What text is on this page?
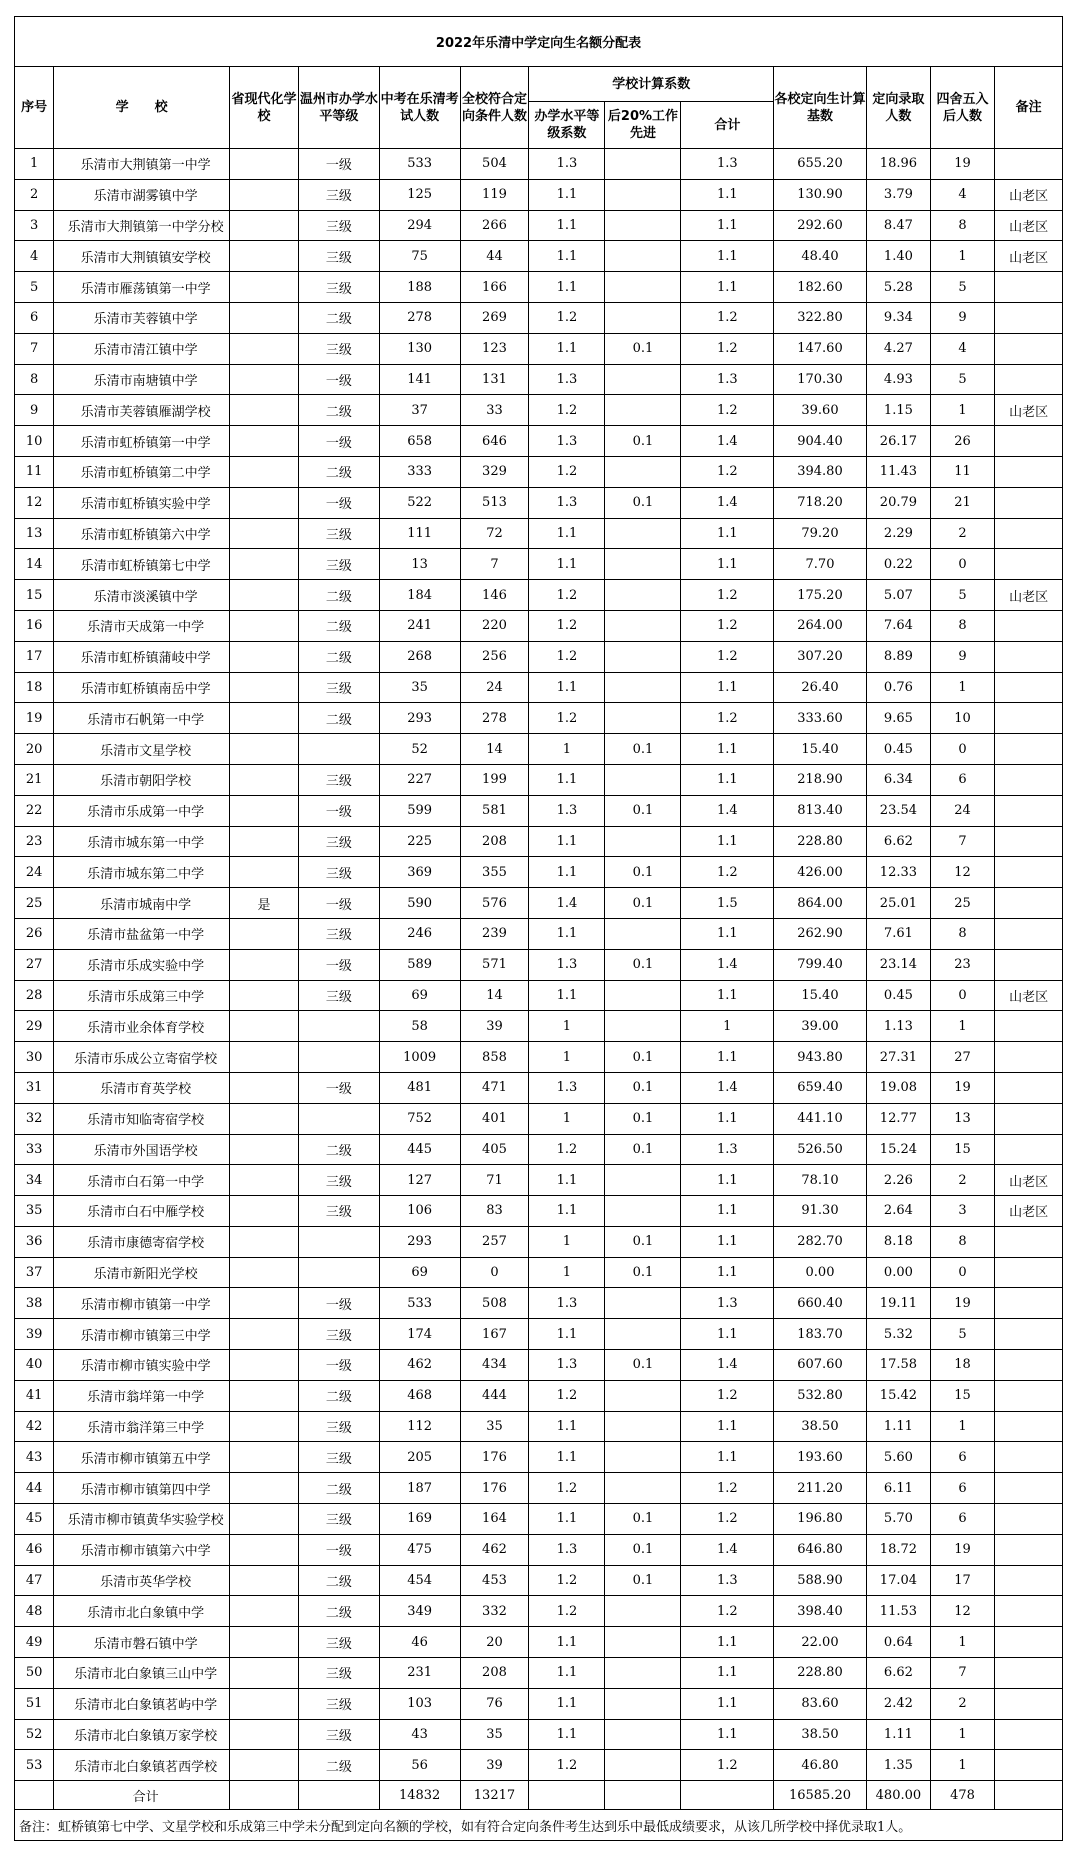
2022年乐清中学定向生名额分配表												
序号	学　　校	省现代化学校	温州市办学水平等级	中考在乐清考试人数	全校符合定向条件人数	学校计算系数			各校定向生计算基数	定向录取人数	四舍五入后人数	备注
						办学水平等级系数	后20%工作先进	合计				
1	乐清市大荆镇第一中学		一级	533	504	1.3		1.3	655.20	18.96	19	
2	乐清市湖雾镇中学		三级	125	119	1.1		1.1	130.90	3.79	4	山老区
3	乐清市大荆镇第一中学分校		三级	294	266	1.1		1.1	292.60	8.47	8	山老区
4	乐清市大荆镇镇安学校		三级	75	44	1.1		1.1	48.40	1.40	1	山老区
5	乐清市雁荡镇第一中学		三级	188	166	1.1		1.1	182.60	5.28	5	
6	乐清市芙蓉镇中学		二级	278	269	1.2		1.2	322.80	9.34	9	
7	乐清市清江镇中学		三级	130	123	1.1	0.1	1.2	147.60	4.27	4	
8	乐清市南塘镇中学		一级	141	131	1.3		1.3	170.30	4.93	5	
9	乐清市芙蓉镇雁湖学校		二级	37	33	1.2		1.2	39.60	1.15	1	山老区
10	乐清市虹桥镇第一中学		一级	658	646	1.3	0.1	1.4	904.40	26.17	26	
11	乐清市虹桥镇第二中学		二级	333	329	1.2		1.2	394.80	11.43	11	
12	乐清市虹桥镇实验中学		一级	522	513	1.3	0.1	1.4	718.20	20.79	21	
13	乐清市虹桥镇第六中学		三级	111	72	1.1		1.1	79.20	2.29	2	
14	乐清市虹桥镇第七中学		三级	13	7	1.1		1.1	7.70	0.22	0	
15	乐清市淡溪镇中学		二级	184	146	1.2		1.2	175.20	5.07	5	山老区
16	乐清市天成第一中学		二级	241	220	1.2		1.2	264.00	7.64	8	
17	乐清市虹桥镇蒲岐中学		二级	268	256	1.2		1.2	307.20	8.89	9	
18	乐清市虹桥镇南岳中学		三级	35	24	1.1		1.1	26.40	0.76	1	
19	乐清市石帆第一中学		二级	293	278	1.2		1.2	333.60	9.65	10	
20	乐清市文星学校			52	14	1	0.1	1.1	15.40	0.45	0	
21	乐清市朝阳学校		三级	227	199	1.1		1.1	218.90	6.34	6	
22	乐清市乐成第一中学		一级	599	581	1.3	0.1	1.4	813.40	23.54	24	
23	乐清市城东第一中学		三级	225	208	1.1		1.1	228.80	6.62	7	
24	乐清市城东第二中学		三级	369	355	1.1	0.1	1.2	426.00	12.33	12	
25	乐清市城南中学	是	一级	590	576	1.4	0.1	1.5	864.00	25.01	25	
26	乐清市盐盆第一中学		三级	246	239	1.1		1.1	262.90	7.61	8	
27	乐清市乐成实验中学		一级	589	571	1.3	0.1	1.4	799.40	23.14	23	
28	乐清市乐成第三中学		三级	69	14	1.1		1.1	15.40	0.45	0	山老区
29	乐清市业余体育学校			58	39	1		1	39.00	1.13	1	
30	乐清市乐成公立寄宿学校			1009	858	1	0.1	1.1	943.80	27.31	27	
31	乐清市育英学校		一级	481	471	1.3	0.1	1.4	659.40	19.08	19	
32	乐清市知临寄宿学校			752	401	1	0.1	1.1	441.10	12.77	13	
33	乐清市外国语学校		二级	445	405	1.2	0.1	1.3	526.50	15.24	15	
34	乐清市白石第一中学		三级	127	71	1.1		1.1	78.10	2.26	2	山老区
35	乐清市白石中雁学校		三级	106	83	1.1		1.1	91.30	2.64	3	山老区
36	乐清市康德寄宿学校			293	257	1	0.1	1.1	282.70	8.18	8	
37	乐清市新阳光学校			69	0	1	0.1	1.1	0.00	0.00	0	
38	乐清市柳市镇第一中学		一级	533	508	1.3		1.3	660.40	19.11	19	
39	乐清市柳市镇第三中学		三级	174	167	1.1		1.1	183.70	5.32	5	
40	乐清市柳市镇实验中学		一级	462	434	1.3	0.1	1.4	607.60	17.58	18	
41	乐清市翁垟第一中学		二级	468	444	1.2		1.2	532.80	15.42	15	
42	乐清市翁洋第三中学		三级	112	35	1.1		1.1	38.50	1.11	1	
43	乐清市柳市镇第五中学		三级	205	176	1.1		1.1	193.60	5.60	6	
44	乐清市柳市镇第四中学		二级	187	176	1.2		1.2	211.20	6.11	6	
45	乐清市柳市镇黄华实验学校		三级	169	164	1.1	0.1	1.2	196.80	5.70	6	
46	乐清市柳市镇第六中学		一级	475	462	1.3	0.1	1.4	646.80	18.72	19	
47	乐清市英华学校		二级	454	453	1.2	0.1	1.3	588.90	17.04	17	
48	乐清市北白象镇中学		二级	349	332	1.2		1.2	398.40	11.53	12	
49	乐清市磐石镇中学		三级	46	20	1.1		1.1	22.00	0.64	1	
50	乐清市北白象镇三山中学		三级	231	208	1.1		1.1	228.80	6.62	7	
51	乐清市北白象镇茗屿中学		三级	103	76	1.1		1.1	83.60	2.42	2	
52	乐清市北白象镇万家学校		三级	43	35	1.1		1.1	38.50	1.11	1	
53	乐清市北白象镇茗西学校		二级	56	39	1.2		1.2	46.80	1.35	1	
	合计			14832	13217				16585.20	480.00	478	
备注：虹桥镇第七中学、文星学校和乐成第三中学未分配到定向名额的学校，如有符合定向条件考生达到乐中最低成绩要求，从该几所学校中择优录取1人。												
